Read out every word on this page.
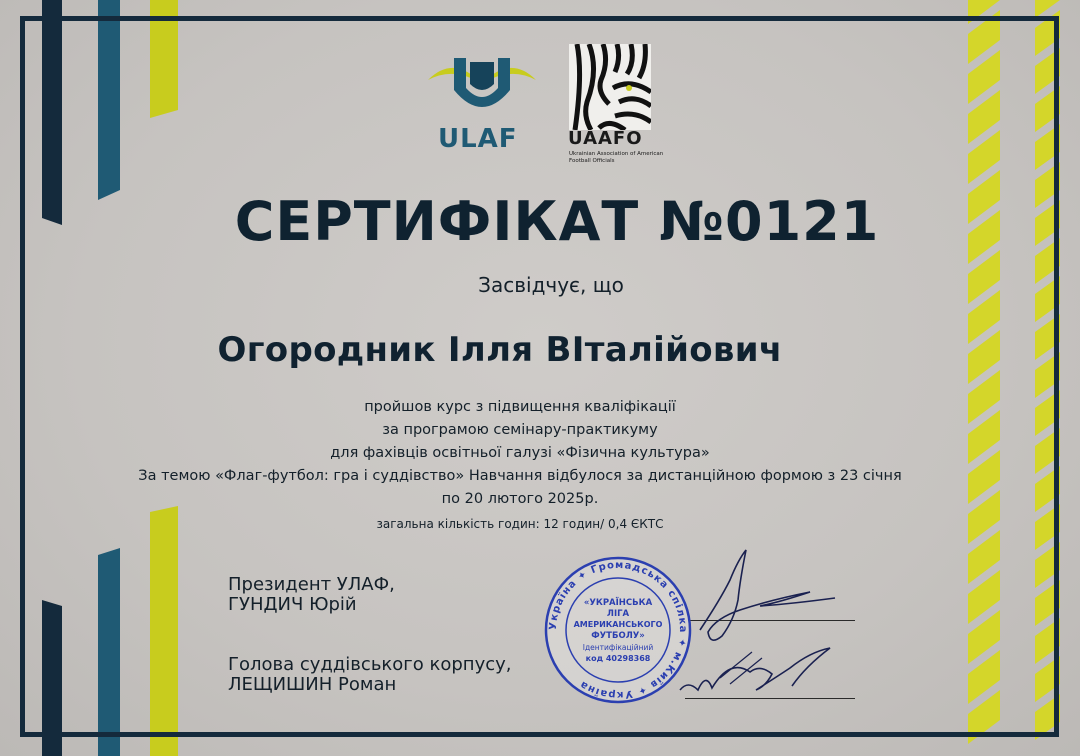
ULAF	UAAFO
Ukrainian Association of American Football Officials
СЕРТИФІКАТ №0121
Засвідчує, що
Огородник Ілля ВІталійович
пройшов курс з підвищення кваліфікації
за програмою семінару-практикуму
для фахівців освітньої галузі «Фізична культура»
За темою «Флаг-футбол: гра і суддівство» Навчання відбулося за дистанційною формою з 23 січня
по 20 лютого 2025р.
загальна кількість годин: 12 годин/ 0,4 ЄКТС
Президент УЛАФ,
ГУНДИЧ Юрій
Голова суддівського корпусу,
ЛЕЩИШИН Роман
Україна ✦ Громадська спілка ✦ м.Київ ✦ Україна
«УКРАЇНСЬКА
ЛІГА
АМЕРИКАНСЬКОГО
ФУТБОЛУ»
Ідентифікаційний
код 40298368
